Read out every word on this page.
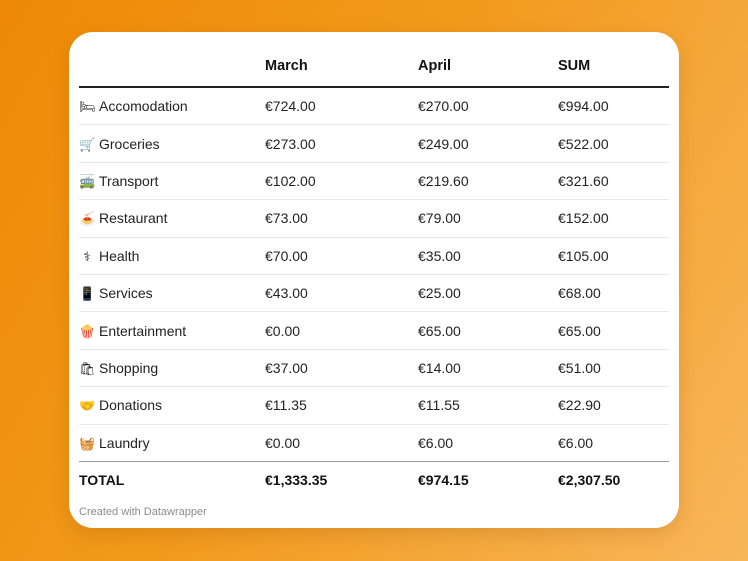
	March	April	SUM
🛏 Accomodation	€724.00	€270.00	€994.00
🛒 Groceries	€273.00	€249.00	€522.00
🚎 Transport	€102.00	€219.60	€321.60
🍝 Restaurant	€73.00	€79.00	€152.00
⚕ Health	€70.00	€35.00	€105.00
📱 Services	€43.00	€25.00	€68.00
🍿 Entertainment	€0.00	€65.00	€65.00
🛍 Shopping	€37.00	€14.00	€51.00
🤝 Donations	€11.35	€11.55	€22.90
🧺 Laundry	€0.00	€6.00	€6.00
TOTAL	€1,333.35	€974.15	€2,307.50
Created with Datawrapper
